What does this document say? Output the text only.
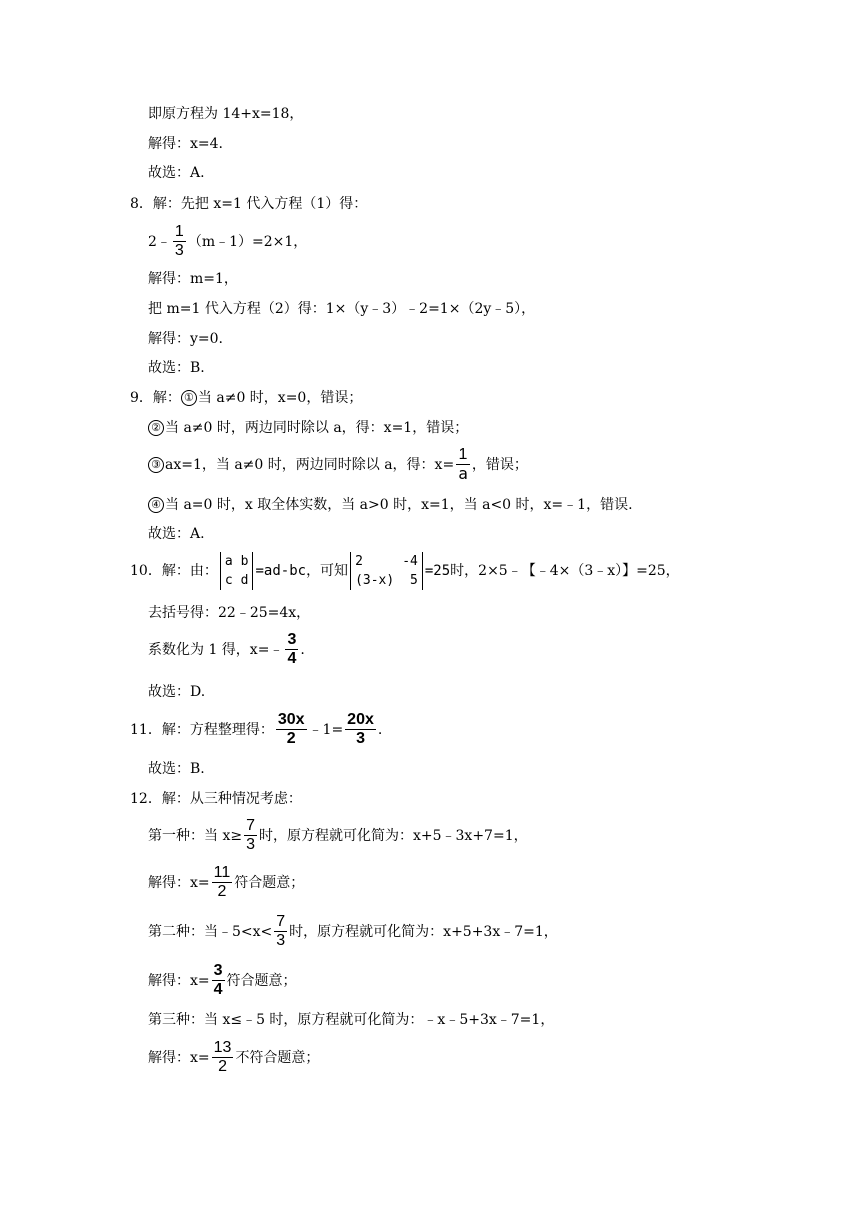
即原方程为 14+x=18，
解得：x=4.
故选：A.
8． 解：先把 x=1 代入方程（1）得：
2﹣ $\frac{1}{3}$ （m﹣1）=2×1，
解得：m=1，
把 m=1 代入方程（2）得：1×（y﹣3）﹣2=1×（2y﹣5），
解得：y=0.
故选：B.
9． 解： ① 当 a≠0 时，x=0，错误；
② 当 a≠0 时，两边同时除以 a，得：x=1，错误；
③ ax=1，当 a≠0 时，两边同时除以 a，得：$x= \frac{1}{a}$ ，错误；
④ 当 a=0 时，x 取全体实数，当 a>0 时，x=1，当 a<0 时，x=﹣1，错误.
故选：A.
10． 解：由：
a b
c d
=ad-bc ，可知
2	-4
(3-x)	5
=25 时，2×5﹣【﹣4×（3﹣x）】=25，
去括号得：22﹣25=4x，
系数化为 1 得，x=﹣ $\frac{3}{4}$ .
故选：D.
11． 解：方程整理得： $\frac{30x}{2}$ ﹣1= $\frac{20x}{3}$ .
故选：B.
12． 解：从三种情况考虑：
第一种：当 $x\ge \frac{7}{3}$ 时，原方程就可化简为：x+5﹣3x+7=1，
解得：$x= \frac{11}{2}$ 符合题意；
第二种：当﹣5<x< $\frac{7}{3}$ 时，原方程就可化简为：x+5+3x﹣7=1，
解得：$x= \frac{3}{4}$ 符合题意；
第三种：当 x≤﹣5 时，原方程就可化简为：﹣x﹣5+3x﹣7=1，
解得：$x= \frac{13}{2}$ 不符合题意；
